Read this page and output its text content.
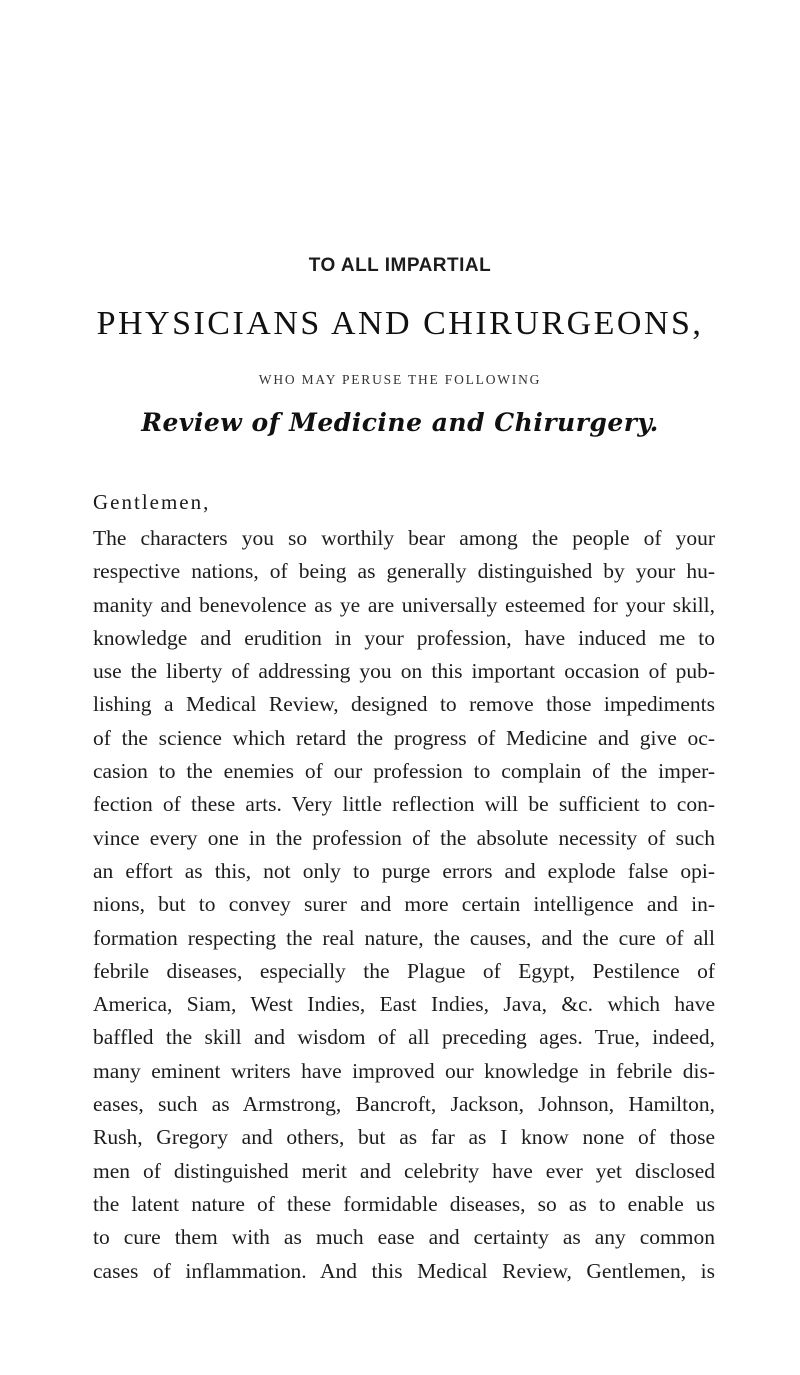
TO ALL IMPARTIAL
PHYSICIANS AND CHIRURGEONS,
WHO MAY PERUSE THE FOLLOWING
Review of Medicine and Chirurgery.
Gentlemen,
The characters you so worthily bear among the people of your
respective nations, of being as generally distinguished by your hu-
manity and benevolence as ye are universally esteemed for your skill,
knowledge and erudition in your profession, have induced me to
use the liberty of addressing you on this important occasion of pub-
lishing a Medical Review, designed to remove those impediments
of the science which retard the progress of Medicine and give oc-
casion to the enemies of our profession to complain of the imper-
fection of these arts. Very little reflection will be sufficient to con-
vince every one in the profession of the absolute necessity of such
an effort as this, not only to purge errors and explode false opi-
nions, but to convey surer and more certain intelligence and in-
formation respecting the real nature, the causes, and the cure of all
febrile diseases, especially the Plague of Egypt, Pestilence of
America, Siam, West Indies, East Indies, Java, &c. which have
baffled the skill and wisdom of all preceding ages. True, indeed,
many eminent writers have improved our knowledge in febrile dis-
eases, such as Armstrong, Bancroft, Jackson, Johnson, Hamilton,
Rush, Gregory and others, but as far as I know none of those
men of distinguished merit and celebrity have ever yet disclosed
the latent nature of these formidable diseases, so as to enable us
to cure them with as much ease and certainty as any common
cases of inflammation. And this Medical Review, Gentlemen, is
